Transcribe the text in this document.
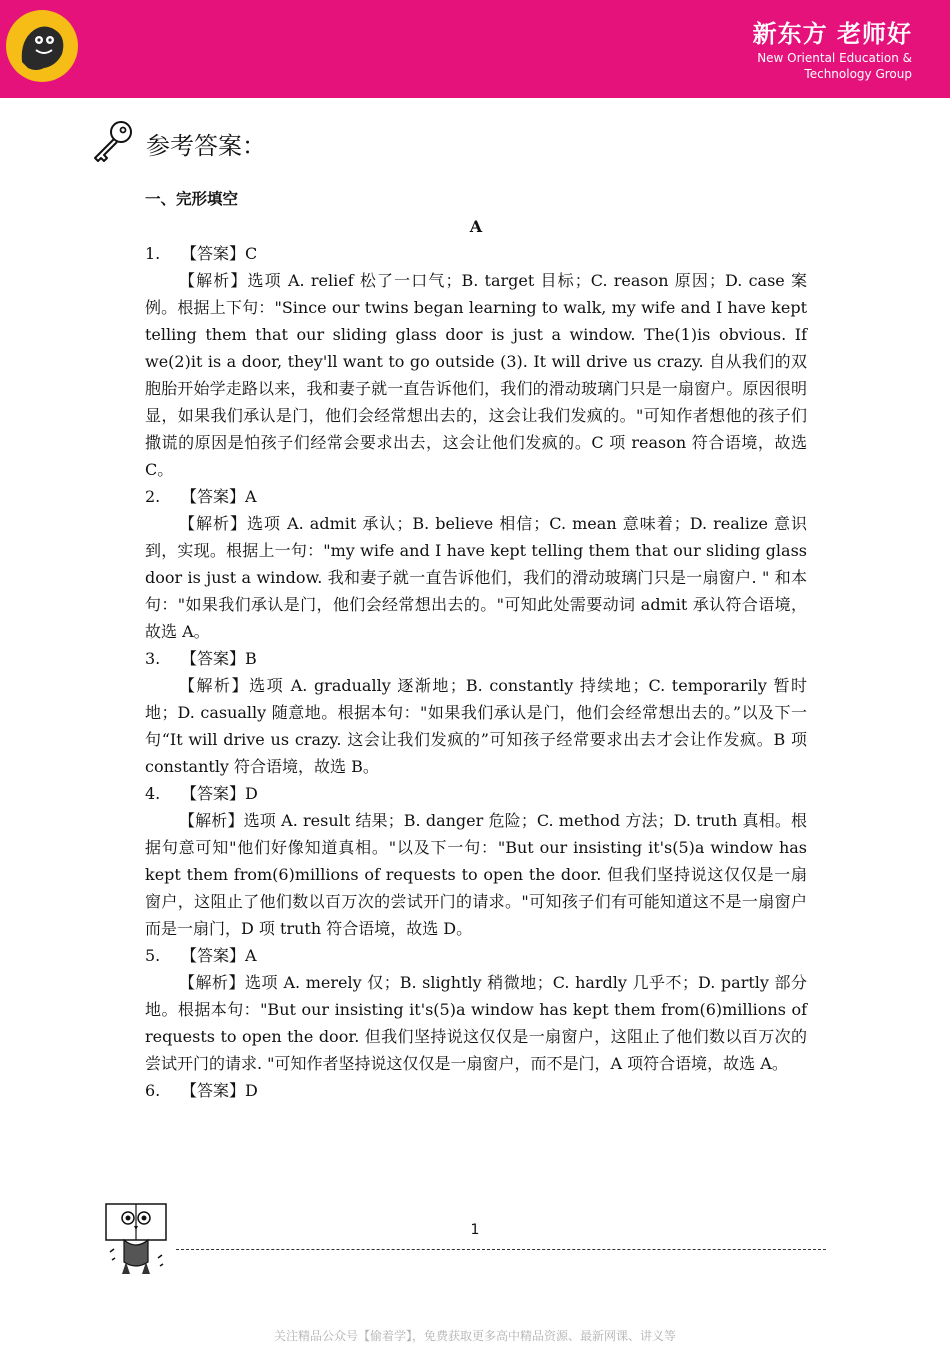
新东方 老师好
New Oriental Education &
Technology Group
参考答案：
一、完形填空
A
1. 【答案】C

【解析】选项 A. relief 松了一口气；B. target 目标；C. reason 原因；D. case 案例。根据上下句："Since our twins began learning to walk, my wife and I have kept telling them that our sliding glass door is just a window. The(1)is obvious. If we(2)it is a door, they'll want to go outside (3). It will drive us crazy. 自从我们的双胞胎开始学走路以来，我和妻子就一直告诉他们，我们的滑动玻璃门只是一扇窗户。原因很明显，如果我们承认是门，他们会经常想出去的，这会让我们发疯的。"可知作者想他的孩子们撒谎的原因是怕孩子们经常会要求出去，这会让他们发疯的。C 项 reason 符合语境，故选 C。

2. 【答案】A

【解析】选项 A. admit 承认；B. believe 相信；C. mean 意味着；D. realize 意识到，实现。根据上一句："my wife and I have kept telling them that our sliding glass door is just a window. 我和妻子就一直告诉他们，我们的滑动玻璃门只是一扇窗户. " 和本句："如果我们承认是门，他们会经常想出去的。"可知此处需要动词 admit 承认符合语境，故选 A。

3. 【答案】B

【解析】选项 A. gradually 逐渐地；B. constantly 持续地；C. temporarily 暂时地；D. casually 随意地。根据本句："如果我们承认是门，他们会经常想出去的。”以及下一句“It will drive us crazy. 这会让我们发疯的”可知孩子经常要求出去才会让作发疯。B 项 constantly 符合语境，故选 B。

4. 【答案】D

【解析】选项 A. result 结果；B. danger 危险；C. method 方法；D. truth 真相。根据句意可知"他们好像知道真相。"以及下一句："But our insisting it's(5)a window has kept them from(6)millions of requests to open the door. 但我们坚持说这仅仅是一扇窗户，这阻止了他们数以百万次的尝试开门的请求。"可知孩子们有可能知道这不是一扇窗户而是一扇门，D 项 truth 符合语境，故选 D。

5. 【答案】A

【解析】选项 A. merely 仅；B. slightly 稍微地；C. hardly 几乎不；D. partly 部分地。根据本句："But our insisting it's(5)a window has kept them from(6)millions of requests to open the door. 但我们坚持说这仅仅是一扇窗户，这阻止了他们数以百万次的尝试开门的请求. "可知作者坚持说这仅仅是一扇窗户，而不是门，A 项符合语境，故选 A。

6. 【答案】D
1
关注精品公众号【偷着学】，免费获取更多高中精品资源、最新网课、讲义等
